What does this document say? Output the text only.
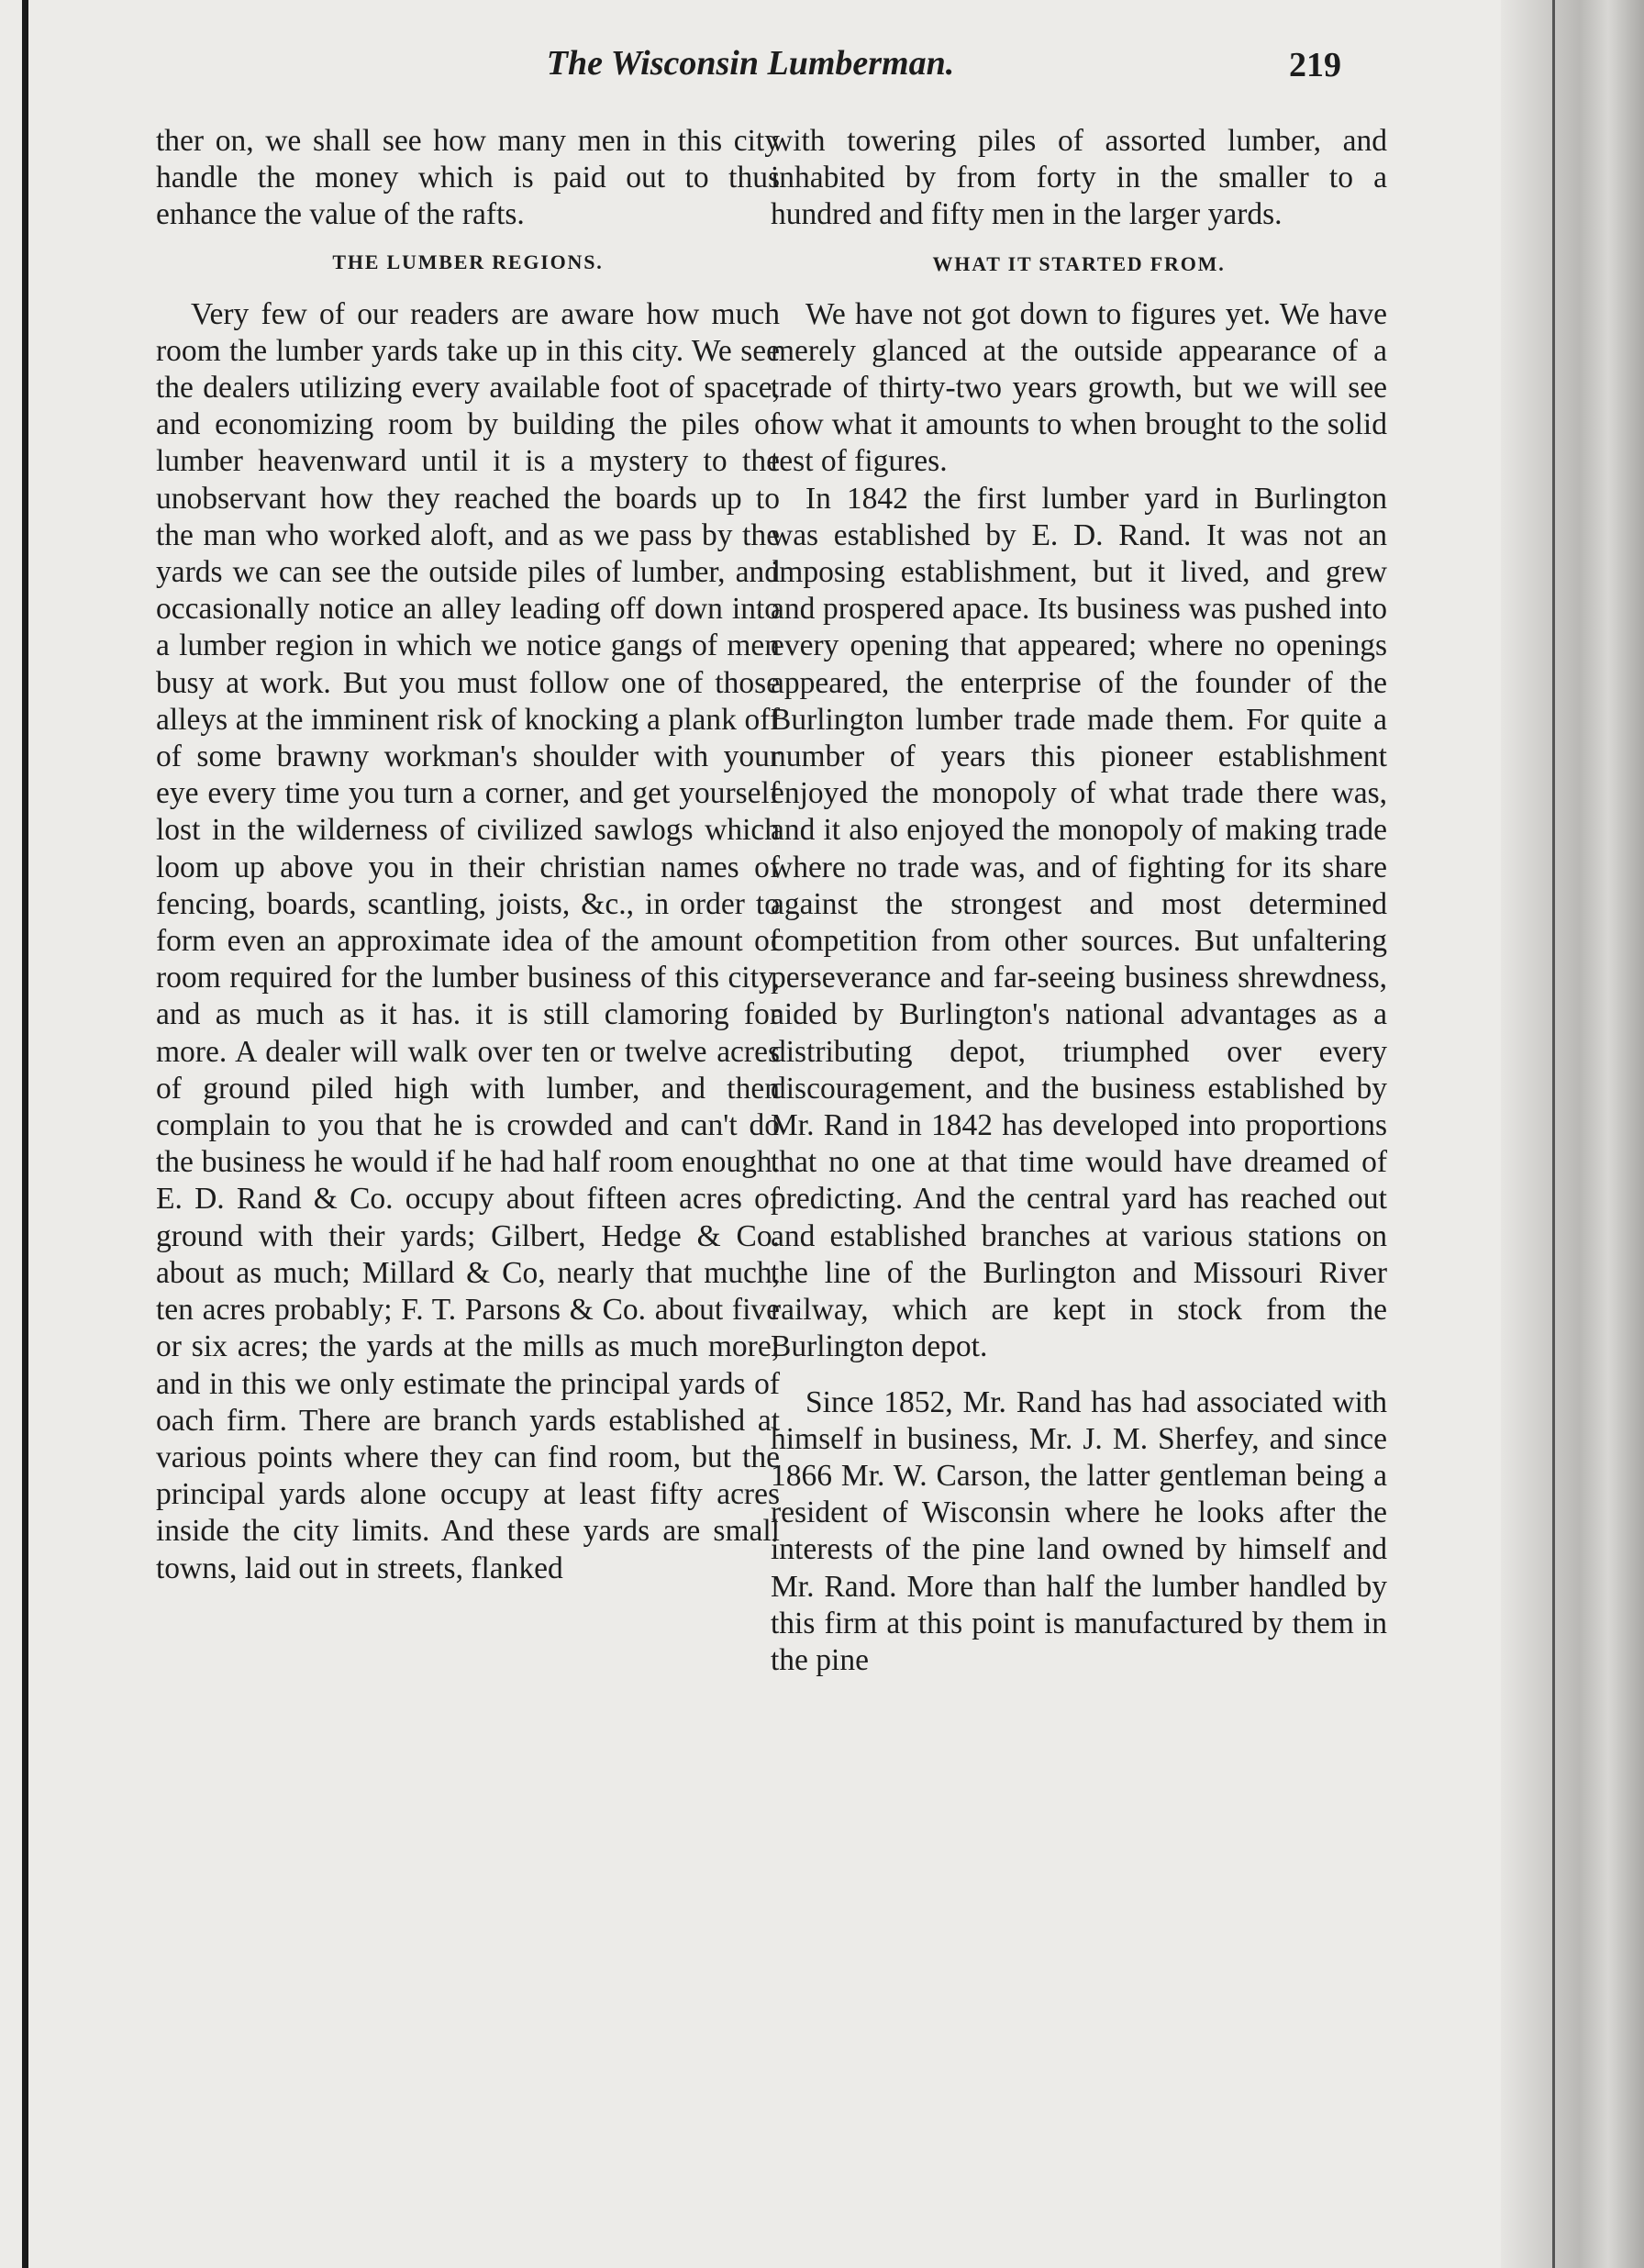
The Wisconsin Lumberman.	219

ther on, we shall see how many men in this city handle the money which is paid out to thus enhance the value of the rafts.

THE LUMBER REGIONS.

Very few of our readers are aware how much room the lumber yards take up in this city. We see the dealers utilizing every available foot of space, and economizing room by building the piles of lumber heavenward until it is a mystery to the unobservant how they reached the boards up to the man who worked aloft, and as we pass by the yards we can see the outside piles of lumber, and occasionally notice an alley leading off down into a lumber region in which we notice gangs of men busy at work. But you must follow one of those alleys at the imminent risk of knocking a plank off of some brawny workman's shoulder with your eye every time you turn a corner, and get yourself lost in the wilderness of civilized sawlogs which loom up above you in their christian names of fencing, boards, scantling, joists, &c., in order to form even an approximate idea of the amount of room required for the lumber business of this city, and as much as it has. it is still clamoring for more. A dealer will walk over ten or twelve acres of ground piled high with lumber, and then complain to you that he is crowded and can't do the business he would if he had half room enough. E. D. Rand & Co. occupy about fifteen acres of ground with their yards; Gilbert, Hedge & Co. about as much; Millard & Co, nearly that much, ten acres probably; F. T. Parsons & Co. about five or six acres; the yards at the mills as much more; and in this we only estimate the principal yards of oach firm. There are branch yards established at various points where they can find room, but the principal yards alone occupy at least fifty acres inside the city limits. And these yards are small towns, laid out in streets, flanked

with towering piles of assorted lumber, and inhabited by from forty in the smaller to a hundred and fifty men in the larger yards.

WHAT IT STARTED FROM.

We have not got down to figures yet. We have merely glanced at the outside appearance of a trade of thirty-two years growth, but we will see now what it amounts to when brought to the solid test of figures.

In 1842 the first lumber yard in Burlington was established by E. D. Rand. It was not an imposing establishment, but it lived, and grew and prospered apace. Its business was pushed into every opening that appeared; where no openings appeared, the enterprise of the founder of the Burlington lumber trade made them. For quite a number of years this pioneer establishment enjoyed the monopoly of what trade there was, and it also enjoyed the monopoly of making trade where no trade was, and of fighting for its share against the strongest and most determined competition from other sources. But unfaltering perseverance and far-seeing business shrewdness, aided by Burlington's national advantages as a distributing depot, triumphed over every discouragement, and the business established by Mr. Rand in 1842 has developed into proportions that no one at that time would have dreamed of predicting. And the central yard has reached out and established branches at various stations on the line of the Burlington and Missouri River railway, which are kept in stock from the Burlington depot.

Since 1852, Mr. Rand has had associated with himself in business, Mr. J. M. Sherfey, and since 1866 Mr. W. Carson, the latter gentleman being a resident of Wisconsin where he looks after the interests of the pine land owned by himself and Mr. Rand. More than half the lumber handled by this firm at this point is manufactured by them in the pine
